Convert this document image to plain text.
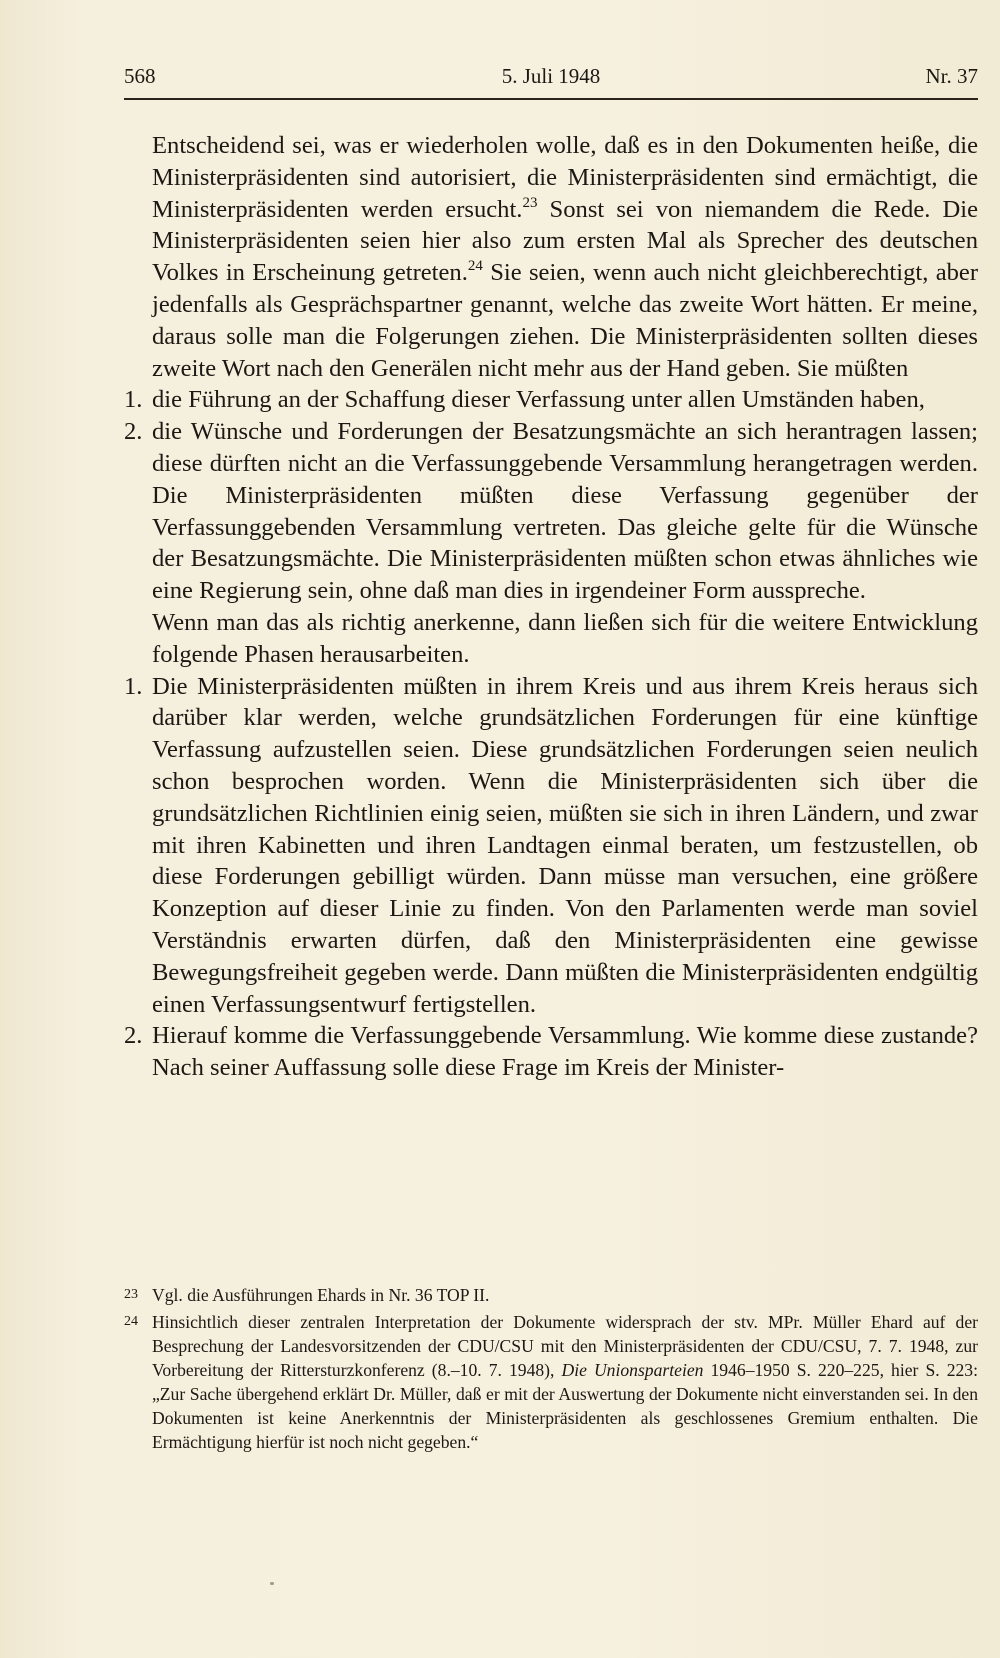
568	5. Juli 1948	Nr. 37

Entscheidend sei, was er wiederholen wolle, daß es in den Dokumenten heiße, die Ministerpräsidenten sind autorisiert, die Ministerpräsidenten sind ermächtigt, die Ministerpräsidenten werden ersucht.$^{23}$ Sonst sei von niemandem die Rede. Die Ministerpräsidenten seien hier also zum ersten Mal als Sprecher des deutschen Volkes in Erscheinung getreten.$^{24}$ Sie seien, wenn auch nicht gleichberechtigt, aber jedenfalls als Gesprächspartner genannt, welche das zweite Wort hätten. Er meine, daraus solle man die Folgerungen ziehen. Die Ministerpräsidenten sollten dieses zweite Wort nach den Generälen nicht mehr aus der Hand geben. Sie müßten

1. die Führung an der Schaffung dieser Verfassung unter allen Umständen haben,

2. die Wünsche und Forderungen der Besatzungsmächte an sich herantragen lassen; diese dürften nicht an die Verfassunggebende Versammlung herangetragen werden. Die Ministerpräsidenten müßten diese Verfassung gegenüber der Verfassunggebenden Versammlung vertreten. Das gleiche gelte für die Wünsche der Besatzungsmächte. Die Ministerpräsidenten müßten schon etwas ähnliches wie eine Regierung sein, ohne daß man dies in irgendeiner Form ausspreche.

Wenn man das als richtig anerkenne, dann ließen sich für die weitere Entwicklung folgende Phasen herausarbeiten.

1. Die Ministerpräsidenten müßten in ihrem Kreis und aus ihrem Kreis heraus sich darüber klar werden, welche grundsätzlichen Forderungen für eine künftige Verfassung aufzustellen seien. Diese grundsätzlichen Forderungen seien neulich schon besprochen worden. Wenn die Ministerpräsidenten sich über die grundsätzlichen Richtlinien einig seien, müßten sie sich in ihren Ländern, und zwar mit ihren Kabinetten und ihren Landtagen einmal beraten, um festzustellen, ob diese Forderungen gebilligt würden. Dann müsse man versuchen, eine größere Konzeption auf dieser Linie zu finden. Von den Parlamenten werde man soviel Verständnis erwarten dürfen, daß den Ministerpräsidenten eine gewisse Bewegungsfreiheit gegeben werde. Dann müßten die Ministerpräsidenten endgültig einen Verfassungsentwurf fertigstellen.

2. Hierauf komme die Verfassunggebende Versammlung. Wie komme diese zustande? Nach seiner Auffassung solle diese Frage im Kreis der Minister-

23 Vgl. die Ausführungen Ehards in Nr. 36 TOP II.
24 Hinsichtlich dieser zentralen Interpretation der Dokumente widersprach der stv. MPr. Müller Ehard auf der Besprechung der Landesvorsitzenden der CDU/CSU mit den Ministerpräsidenten der CDU/CSU, 7. 7. 1948, zur Vorbereitung der Rittersturzkonferenz (8.–10. 7. 1948), Die Unionsparteien 1946–1950 S. 220–225, hier S. 223: „Zur Sache übergehend erklärt Dr. Müller, daß er mit der Auswertung der Dokumente nicht einverstanden sei. In den Dokumenten ist keine Anerkenntnis der Ministerpräsidenten als geschlossenes Gremium enthalten. Die Ermächtigung hierfür ist noch nicht gegeben.“
